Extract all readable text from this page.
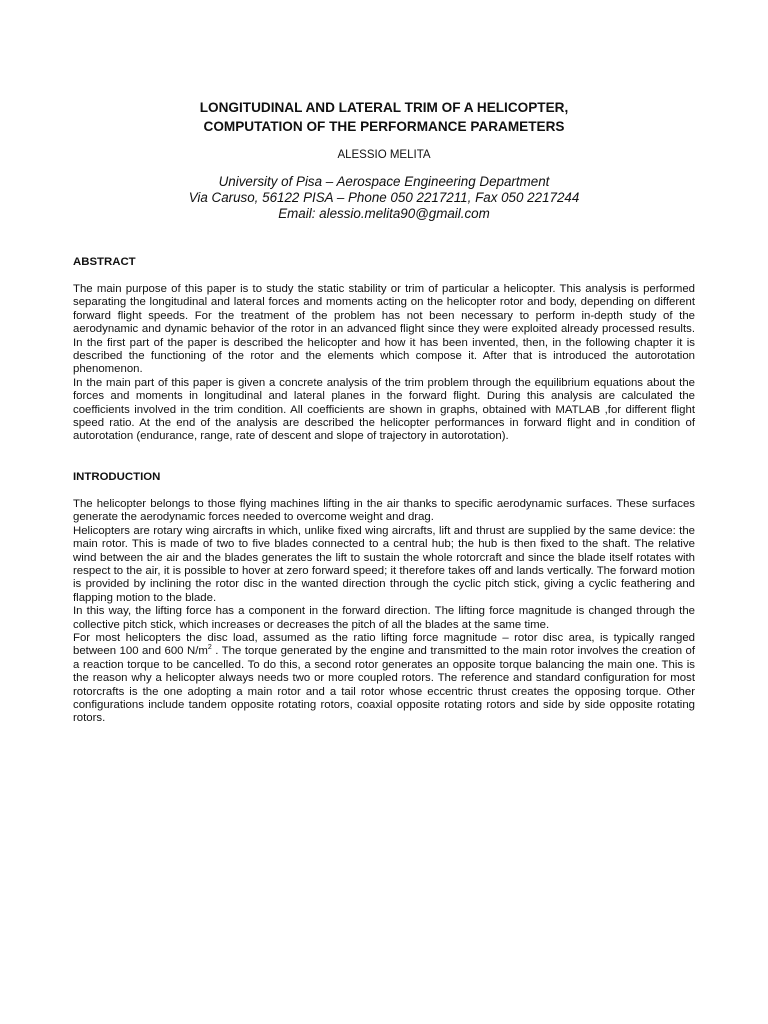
LONGITUDINAL AND LATERAL TRIM OF A HELICOPTER,
COMPUTATION OF THE PERFORMANCE PARAMETERS
ALESSIO MELITA
University of Pisa – Aerospace Engineering Department
Via Caruso, 56122 PISA – Phone 050 2217211, Fax 050 2217244
Email: alessio.melita90@gmail.com
ABSTRACT

The main purpose of this paper is to study the static stability or trim of particular a helicopter. This analysis is performed separating the longitudinal and lateral forces and moments acting on the helicopter rotor and body, depending on different forward flight speeds. For the treatment of the problem has not been necessary to perform in-depth study of the aerodynamic and dynamic behavior of the rotor in an advanced flight since they were exploited already processed results. In the first part of the paper is described the helicopter and how it has been invented, then, in the following chapter it is described the functioning of the rotor and the elements which compose it. After that is introduced the autorotation phenomenon.

In the main part of this paper is given a concrete analysis of the trim problem through the equilibrium equations about the forces and moments in longitudinal and lateral planes in the forward flight. During this analysis are calculated the coefficients involved in the trim condition. All coefficients are shown in graphs, obtained with MATLAB ,for different flight speed ratio. At the end of the analysis are described the helicopter performances in forward flight and in condition of autorotation (endurance, range, rate of descent and slope of trajectory in autorotation).

INTRODUCTION

The helicopter belongs to those flying machines lifting in the air thanks to specific aerodynamic surfaces. These surfaces generate the aerodynamic forces needed to overcome weight and drag.

Helicopters are rotary wing aircrafts in which, unlike fixed wing aircrafts, lift and thrust are supplied by the same device: the main rotor. This is made of two to five blades connected to a central hub; the hub is then fixed to the shaft. The relative wind between the air and the blades generates the lift to sustain the whole rotorcraft and since the blade itself rotates with respect to the air, it is possible to hover at zero forward speed; it therefore takes off and lands vertically. The forward motion is provided by inclining the rotor disc in the wanted direction through the cyclic pitch stick, giving a cyclic feathering and flapping motion to the blade.

In this way, the lifting force has a component in the forward direction. The lifting force magnitude is changed through the collective pitch stick, which increases or decreases the pitch of all the blades at the same time.

For most helicopters the disc load, assumed as the ratio lifting force magnitude – rotor disc area, is typically ranged between 100 and 600 $N/m^2$ . The torque generated by the engine and transmitted to the main rotor involves the creation of a reaction torque to be cancelled. To do this, a second rotor generates an opposite torque balancing the main one. This is the reason why a helicopter always needs two or more coupled rotors. The reference and standard configuration for most rotorcrafts is the one adopting a main rotor and a tail rotor whose eccentric thrust creates the opposing torque. Other configurations include tandem opposite rotating rotors, coaxial opposite rotating rotors and side by side opposite rotating rotors.
